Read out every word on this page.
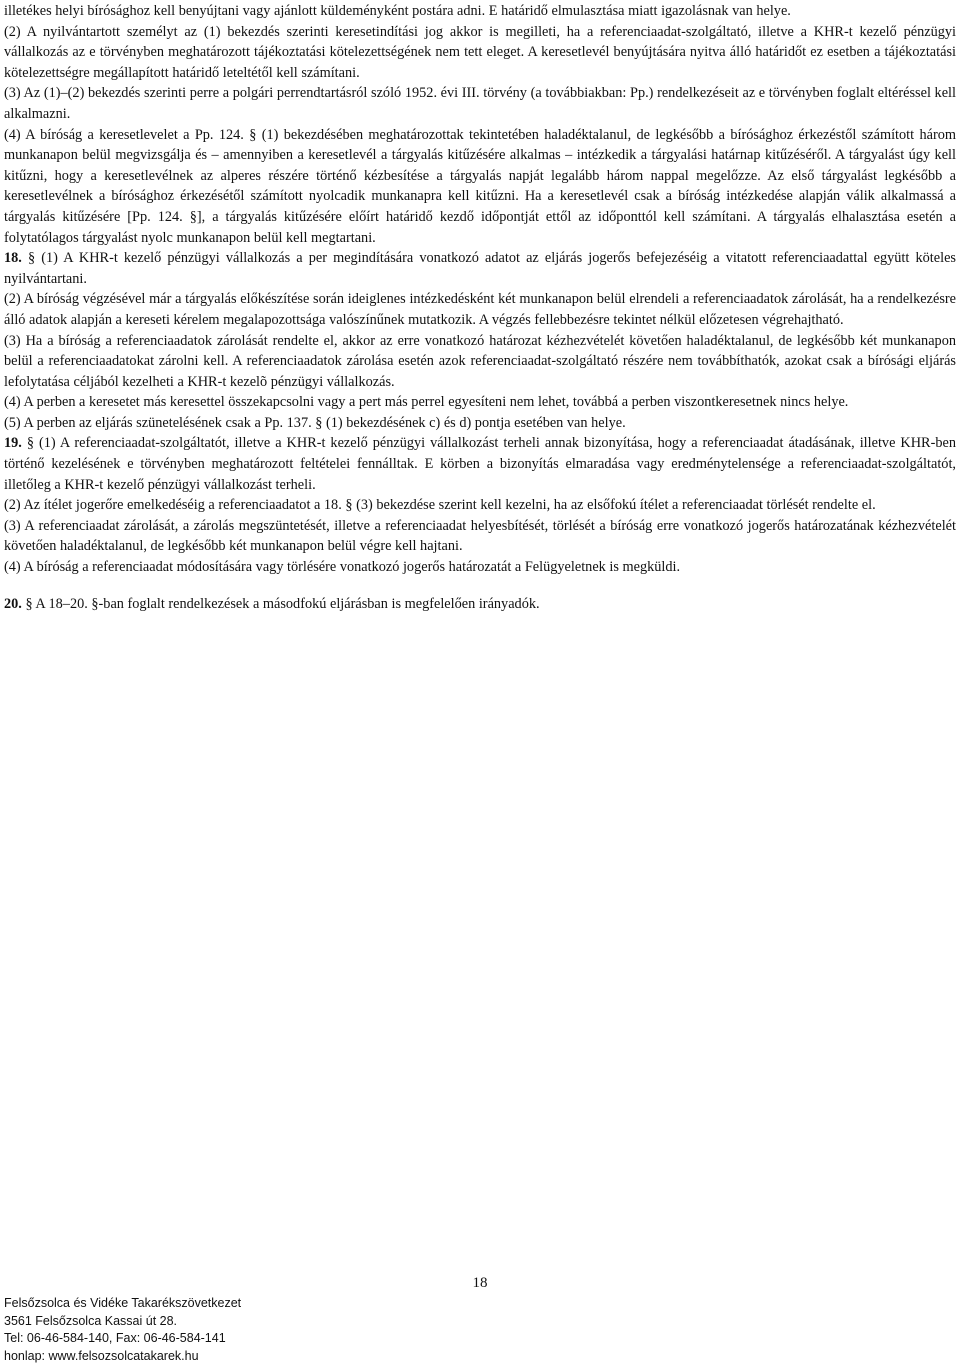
illetékes helyi bírósághoz kell benyújtani vagy ajánlott küldeményként postára adni. E határidő elmulasztása miatt igazolásnak van helye.

(2) A nyilvántartott személyt az (1) bekezdés szerinti keresetindítási jog akkor is megilleti, ha a referenciaadat-szolgáltató, illetve a KHR-t kezelő pénzügyi vállalkozás az e törvényben meghatározott tájékoztatási kötelezettségének nem tett eleget. A keresetlevél benyújtására nyitva álló határidőt ez esetben a tájékoztatási kötelezettségre megállapított határidő leteltétől kell számítani.

(3) Az (1)–(2) bekezdés szerinti perre a polgári perrendtartásról szóló 1952. évi III. törvény (a továbbiakban: Pp.) rendelkezéseit az e törvényben foglalt eltéréssel kell alkalmazni.

(4) A bíróság a keresetlevelet a Pp. 124. § (1) bekezdésében meghatározottak tekintetében haladéktalanul, de legkésőbb a bírósághoz érkezéstől számított három munkanapon belül megvizsgálja és – amennyiben a keresetlevél a tárgyalás kitűzésére alkalmas – intézkedik a tárgyalási határnap kitűzéséről. A tárgyalást úgy kell kitűzni, hogy a keresetlevélnek az alperes részére történő kézbesítése a tárgyalás napját legalább három nappal megelőzze. Az első tárgyalást legkésőbb a keresetlevélnek a bírósághoz érkezésétől számított nyolcadik munkanapra kell kitűzni. Ha a keresetlevél csak a bíróság intézkedése alapján válik alkalmassá a tárgyalás kitűzésére [Pp. 124. §], a tárgyalás kitűzésére előírt határidő kezdő időpontját ettől az időponttól kell számítani. A tárgyalás elhalasztása esetén a folytatólagos tárgyalást nyolc munkanapon belül kell megtartani.

18. § (1) A KHR-t kezelő pénzügyi vállalkozás a per megindítására vonatkozó adatot az eljárás jogerős befejezéséig a vitatott referenciaadattal együtt köteles nyilvántartani.

(2) A bíróság végzésével már a tárgyalás előkészítése során ideiglenes intézkedésként két munkanapon belül elrendeli a referenciaadatok zárolását, ha a rendelkezésre álló adatok alapján a kereseti kérelem megalapozottsága valószínűnek mutatkozik. A végzés fellebbezésre tekintet nélkül előzetesen végrehajtható.

(3) Ha a bíróság a referenciaadatok zárolását rendelte el, akkor az erre vonatkozó határozat kézhezvételét követően haladéktalanul, de legkésőbb két munkanapon belül a referenciaadatokat zárolni kell. A referenciaadatok zárolása esetén azok referenciaadat-szolgáltató részére nem továbbíthatók, azokat csak a bírósági eljárás lefolytatása céljából kezelheti a KHR-t kezelõ pénzügyi vállalkozás.

(4) A perben a keresetet más keresettel összekapcsolni vagy a pert más perrel egyesíteni nem lehet, továbbá a perben viszontkeresetnek nincs helye.

(5) A perben az eljárás szünetelésének csak a Pp. 137. § (1) bekezdésének c) és d) pontja esetében van helye.

19. § (1) A referenciaadat-szolgáltatót, illetve a KHR-t kezelő pénzügyi vállalkozást terheli annak bizonyítása, hogy a referenciaadat átadásának, illetve KHR-ben történő kezelésének e törvényben meghatározott feltételei fennálltak. E körben a bizonyítás elmaradása vagy eredménytelensége a referenciaadat-szolgáltatót, illetőleg a KHR-t kezelő pénzügyi vállalkozást terheli.

(2) Az ítélet jogerőre emelkedéséig a referenciaadatot a 18. § (3) bekezdése szerint kell kezelni, ha az elsőfokú ítélet a referenciaadat törlését rendelte el.

(3) A referenciaadat zárolását, a zárolás megszüntetését, illetve a referenciaadat helyesbítését, törlését a bíróság erre vonatkozó jogerős határozatának kézhezvételét követően haladéktalanul, de legkésőbb két munkanapon belül végre kell hajtani.

(4) A bíróság a referenciaadat módosítására vagy törlésére vonatkozó jogerős határozatát a Felügyeletnek is megküldi.

20. § A 18–20. §-ban foglalt rendelkezések a másodfokú eljárásban is megfelelően irányadók.

18
Felsőzsolca és Vidéke Takarékszövetkezet
3561 Felsőzsolca Kassai út 28.
Tel: 06-46-584-140, Fax: 06-46-584-141
honlap: www.felsozsolcatakarek.hu
